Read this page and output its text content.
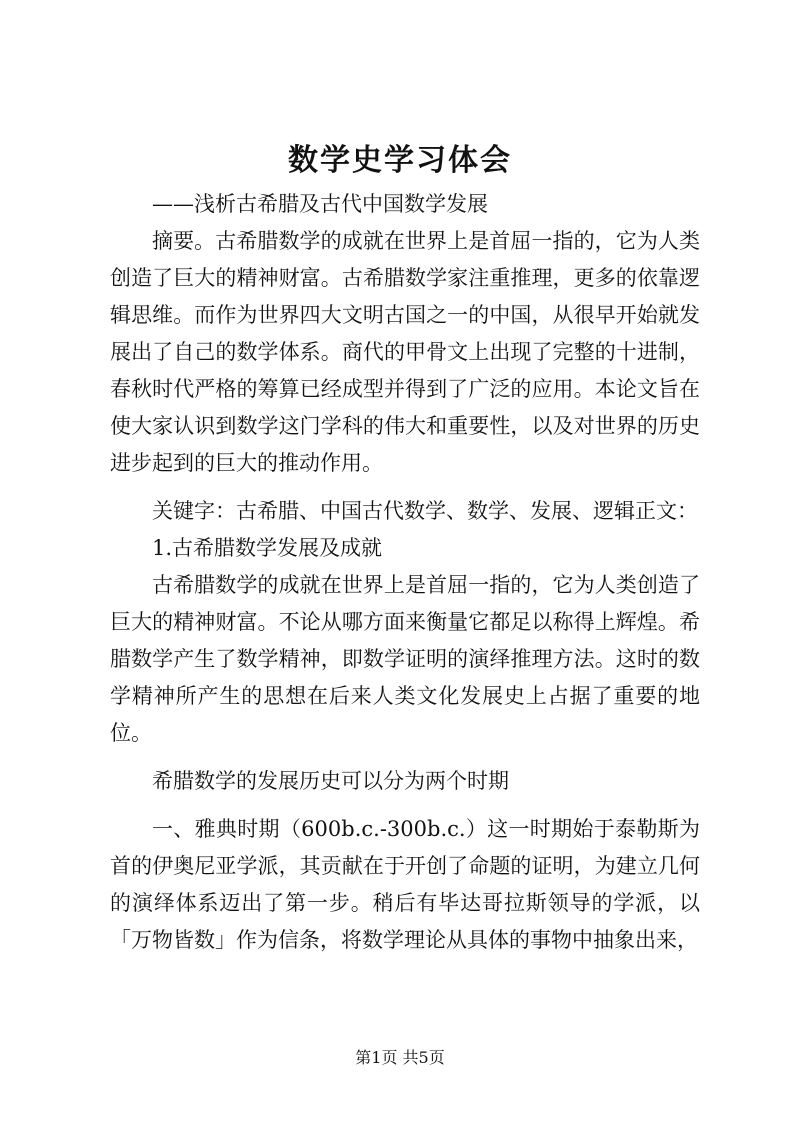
数学史学习体会

——浅析古希腊及古代中国数学发展

摘要。古希腊数学的成就在世界上是首屈一指的，它为人类创造了巨大的精神财富。古希腊数学家注重推理，更多的依靠逻辑思维。而作为世界四大文明古国之一的中国，从很早开始就发展出了自己的数学体系。商代的甲骨文上出现了完整的十进制，春秋时代严格的筹算已经成型并得到了广泛的应用。本论文旨在使大家认识到数学这门学科的伟大和重要性，以及对世界的历史进步起到的巨大的推动作用。

关键字：古希腊、中国古代数学、数学、发展、逻辑正文：

1.古希腊数学发展及成就

古希腊数学的成就在世界上是首屈一指的，它为人类创造了巨大的精神财富。不论从哪方面来衡量它都足以称得上辉煌。希腊数学产生了数学精神，即数学证明的演绎推理方法。这时的数学精神所产生的思想在后来人类文化发展史上占据了重要的地位。

希腊数学的发展历史可以分为两个时期

一、雅典时期（600b.c.-300b.c.）这一时期始于泰勒斯为首的伊奥尼亚学派，其贡献在于开创了命题的证明，为建立几何的演绎体系迈出了第一步。稍后有毕达哥拉斯领导的学派，以「万物皆数」作为信条，将数学理论从具体的事物中抽象出来，

第1页 共5页
